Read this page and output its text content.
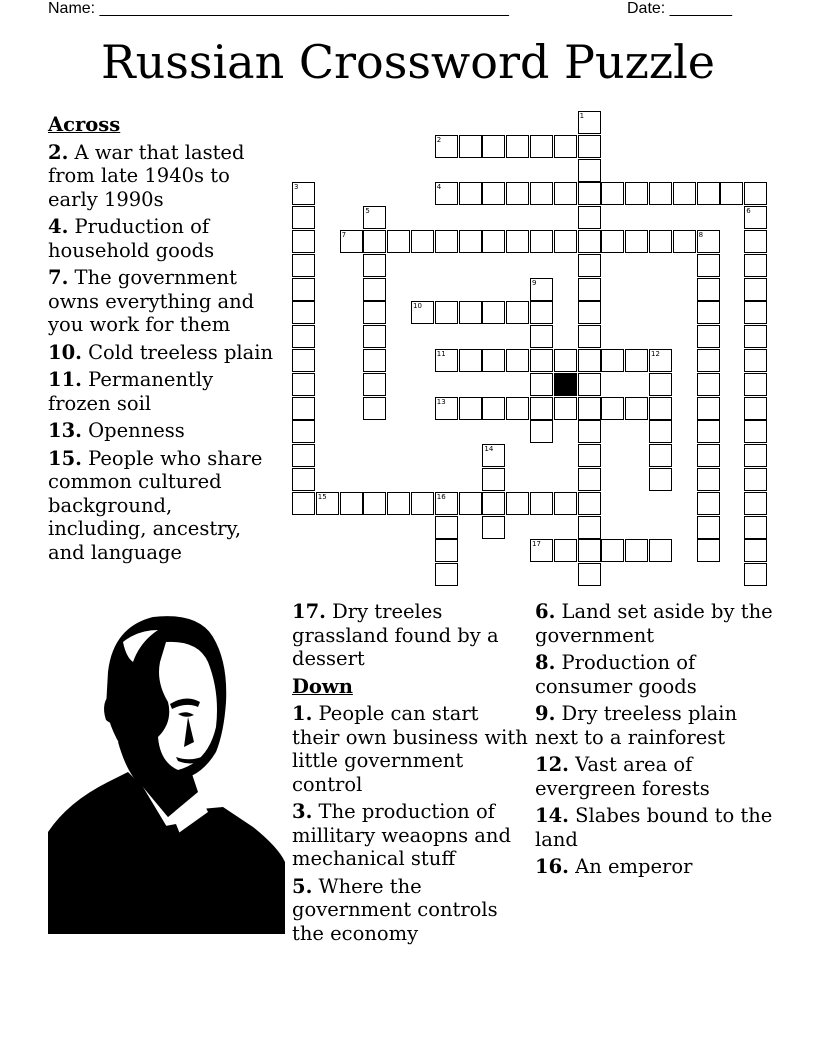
Name: ______________________________________________

	Date: _______

Russian Crossword Puzzle
Across
2. A war that lasted from late 1940s to early 1990s
4. Pruduction of household goods
7. The government owns everything and you work for them
10. Cold treeless plain
11. Permanently frozen soil
13. Openness
15. People who share common cultured background, including, ancestry, and language
17. Dry treeles grassland found by a dessert
Down
1. People can start their own business with little government control
3. The production of millitary weaopns and mechanical stuff
5. Where the government controls the economy
6. Land set aside by the government
8. Production of consumer goods
9. Dry treeless plain next to a rainforest
12. Vast area of evergreen forests
14. Slabes bound to the land
16. An emperor
1
2
3	4
5	6
7	8
9
10
11	12
13
14
15	16
17
